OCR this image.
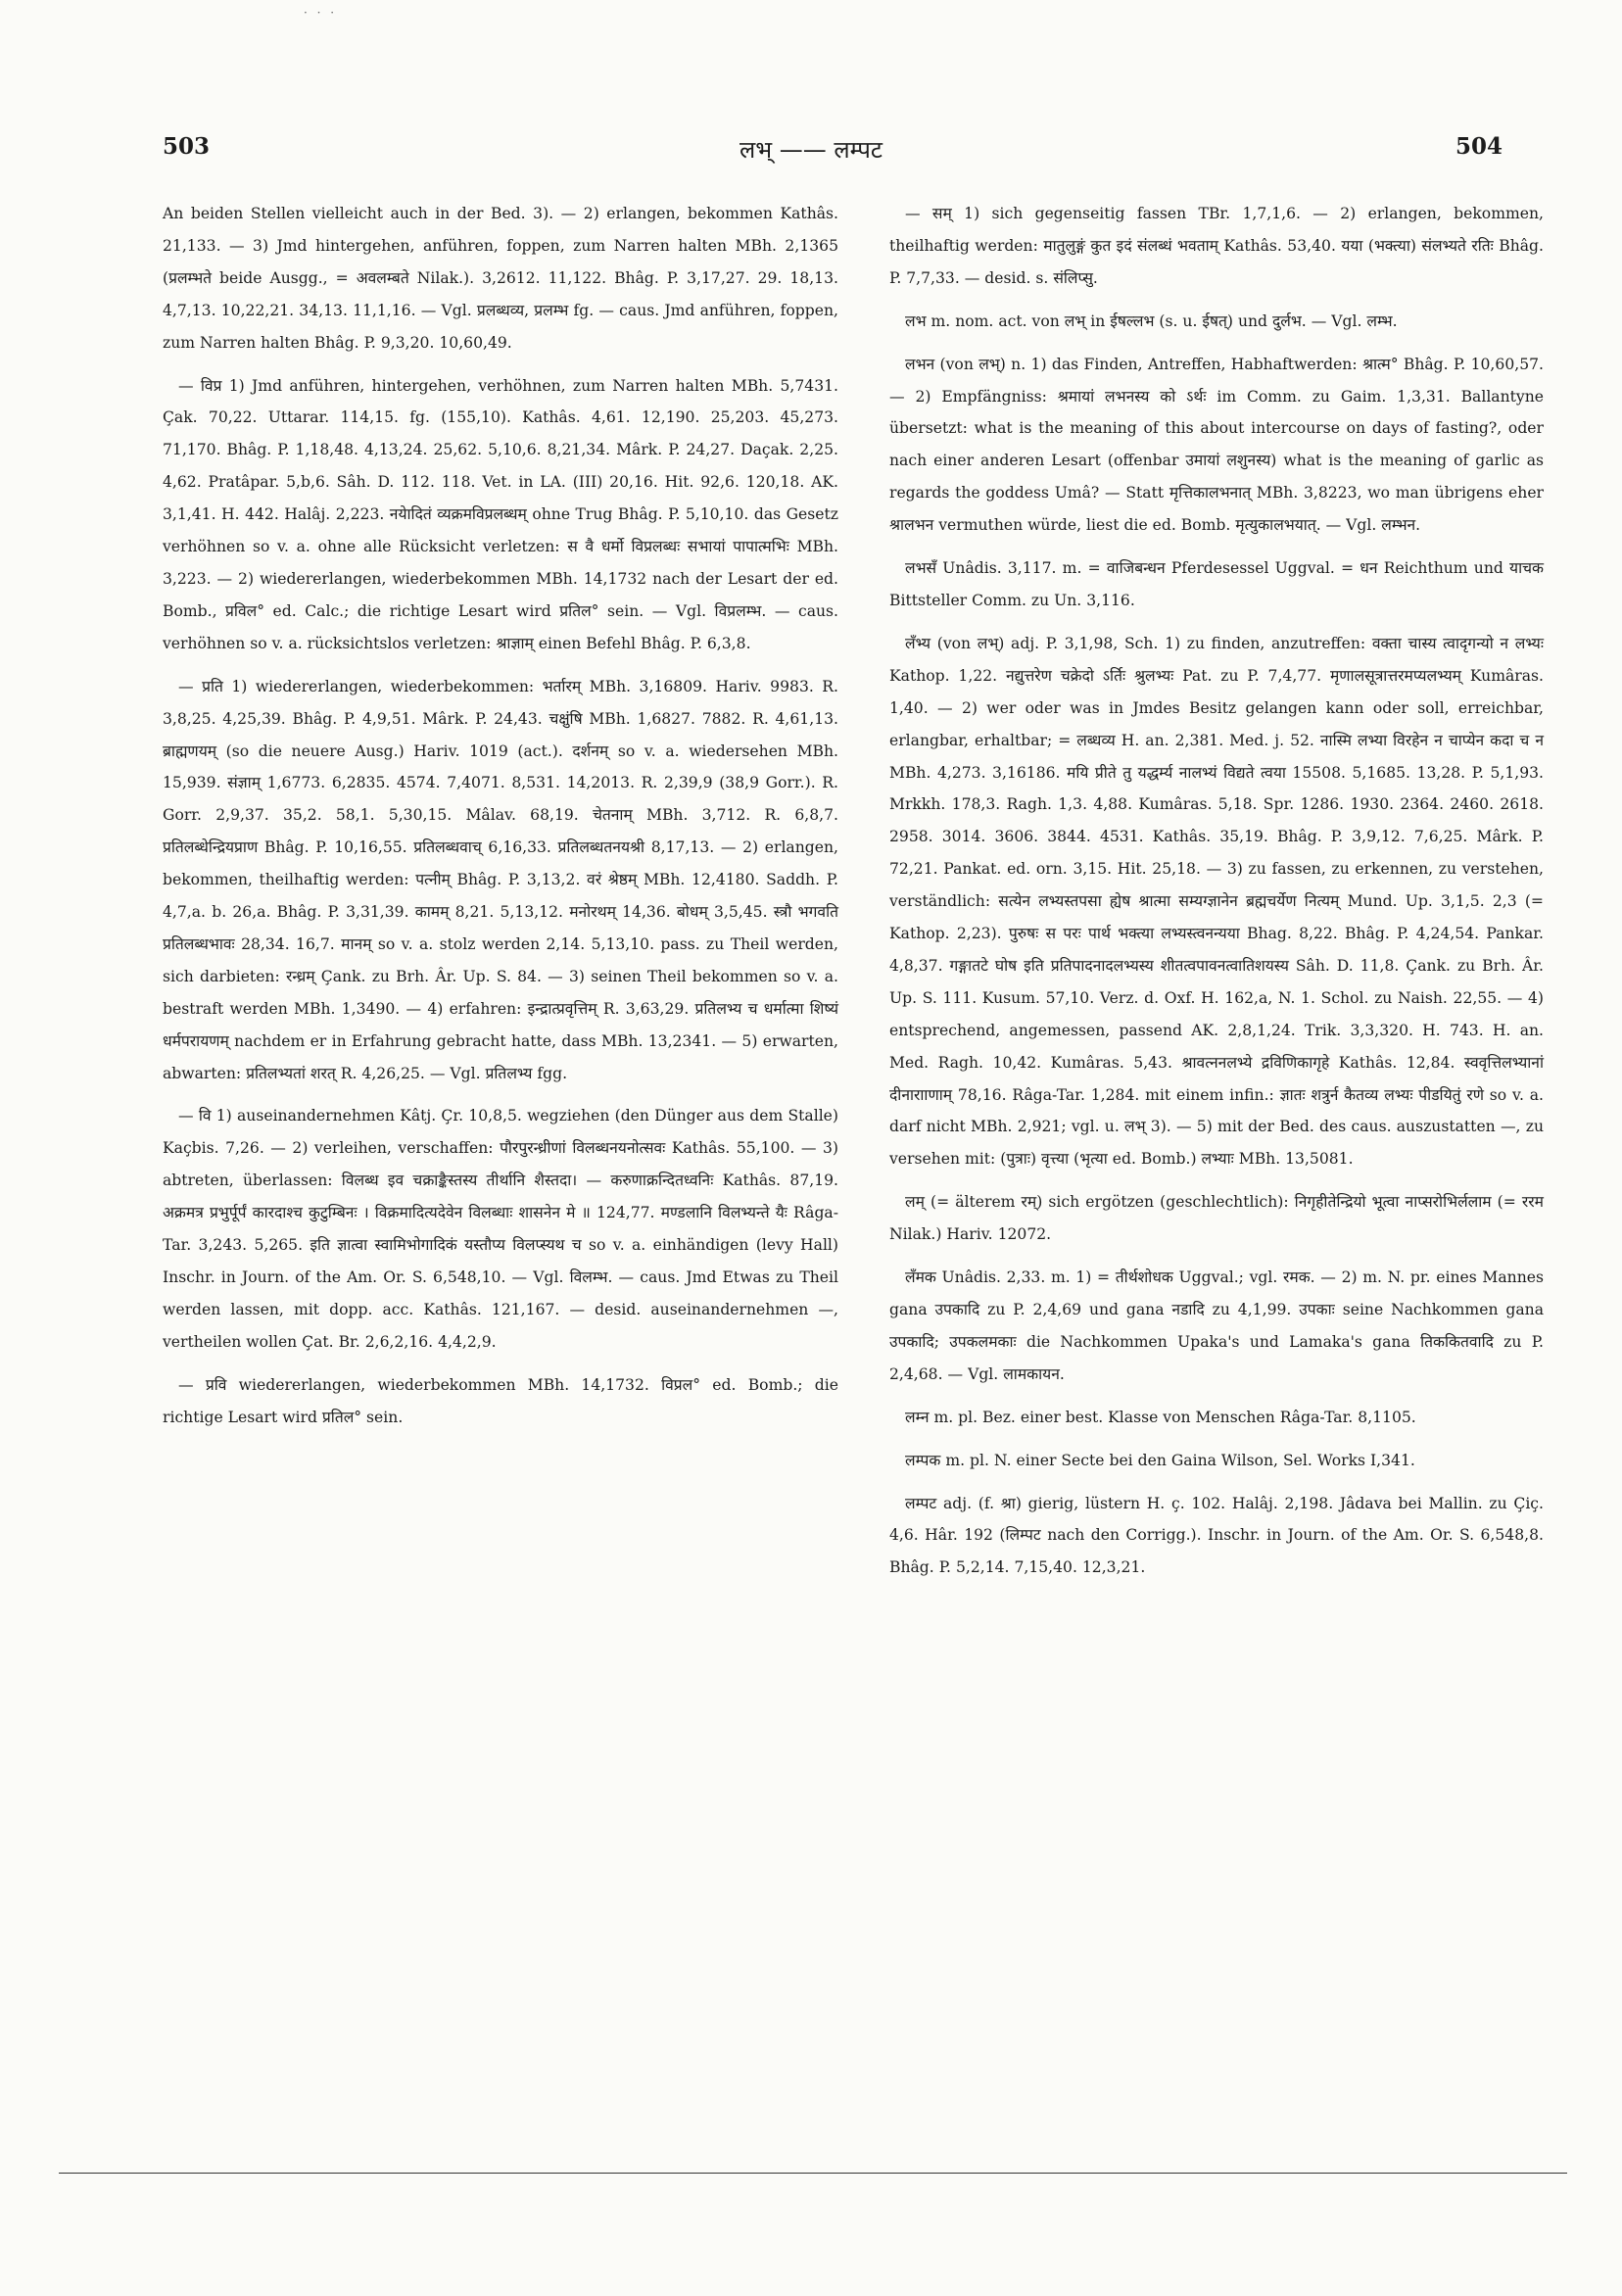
· · ·
503	लभ् —— लम्पट	504

An beiden Stellen vielleicht auch in der Bed. 3). — 2) erlangen, bekommen Kathâs. 21,133. — 3) Jmd hintergehen, anführen, foppen, zum Narren halten MBh. 2,1365 (प्रलम्भते beide Ausgg., = अवलम्बते Nilak.). 3,2612. 11,122. Bhâg. P. 3,17,27. 29. 18,13. 4,7,13. 10,22,21. 34,13. 11,1,16. — Vgl. प्रलब्धव्य, प्रलम्भ fg. — caus. Jmd anführen, foppen, zum Narren halten Bhâg. P. 9,3,20. 10,60,49.

— विप्र 1) Jmd anführen, hintergehen, verhöhnen, zum Narren halten MBh. 5,7431. Çak. 70,22. Uttarar. 114,15. fg. (155,10). Kathâs. 4,61. 12,190. 25,203. 45,273. 71,170. Bhâg. P. 1,18,48. 4,13,24. 25,62. 5,10,6. 8,21,34. Mârk. P. 24,27. Daçak. 2,25. 4,62. Pratâpar. 5,b,6. Sâh. D. 112. 118. Vet. in LA. (III) 20,16. Hit. 92,6. 120,18. AK. 3,1,41. H. 442. Halâj. 2,223. नयेादितं व्यक्रमविप्रलब्धम् ohne Trug Bhâg. P. 5,10,10. das Gesetz verhöhnen so v. a. ohne alle Rücksicht verletzen: स वै धर्मो विप्रलब्धः सभायां पापात्मभिः MBh. 3,223. — 2) wiedererlangen, wiederbekommen MBh. 14,1732 nach der Lesart der ed. Bomb., प्रविल° ed. Calc.; die richtige Lesart wird प्रतिल° sein. — Vgl. विप्रलम्भ. — caus. verhöhnen so v. a. rücksichtslos verletzen: श्राज्ञाम् einen Befehl Bhâg. P. 6,3,8.

— प्रति 1) wiedererlangen, wiederbekommen: भर्तारम् MBh. 3,16809. Hariv. 9983. R. 3,8,25. 4,25,39. Bhâg. P. 4,9,51. Mârk. P. 24,43. चक्षुंषि MBh. 1,6827. 7882. R. 4,61,13. ब्राह्मणयम् (so die neuere Ausg.) Hariv. 1019 (act.). दर्शनम् so v. a. wiedersehen MBh. 15,939. संज्ञाम् 1,6773. 6,2835. 4574. 7,4071. 8,531. 14,2013. R. 2,39,9 (38,9 Gorr.). R. Gorr. 2,9,37. 35,2. 58,1. 5,30,15. Mâlav. 68,19. चेतनाम् MBh. 3,712. R. 6,8,7. प्रतिलब्धेन्द्रियप्राण Bhâg. P. 10,16,55. प्रतिलब्धवाच् 6,16,33. प्रतिलब्धतनयश्री 8,17,13. — 2) erlangen, bekommen, theilhaftig werden: पत्नीम् Bhâg. P. 3,13,2. वरं श्रेष्ठम् MBh. 12,4180. Saddh. P. 4,7,a. b. 26,a. Bhâg. P. 3,31,39. कामम् 8,21. 5,13,12. मनोरथम् 14,36. बोधम् 3,5,45. स्त्रौ भगवति प्रतिलब्धभावः 28,34. 16,7. मानम् so v. a. stolz werden 2,14. 5,13,10. pass. zu Theil werden, sich darbieten: रन्ध्रम् Çank. zu Brh. Âr. Up. S. 84. — 3) seinen Theil bekommen so v. a. bestraft werden MBh. 1,3490. — 4) erfahren: इन्द्रात्प्रवृत्तिम् R. 3,63,29. प्रतिलभ्य च धर्मात्मा शिष्यं धर्मपरायणम् nachdem er in Erfahrung gebracht hatte, dass MBh. 13,2341. — 5) erwarten, abwarten: प्रतिलभ्यतां शरत् R. 4,26,25. — Vgl. प्रतिलभ्य fgg.

— वि 1) auseinandernehmen Kâtj. Çr. 10,8,5. wegziehen (den Dünger aus dem Stalle) Kaçbis. 7,26. — 2) verleihen, verschaffen: पौरपुरन्ध्रीणां विलब्धनयनोत्सवः Kathâs. 55,100. — 3) abtreten, überlassen: विलब्ध इव चक्राङ्कैस्तस्य तीर्थानि शैस्तदा। — करुणाक्रन्दितध्वनिः Kathâs. 87,19. अक्रमत्र प्रभुर्पूर्पं कारदाश्च कुटुम्बिनः । विक्रमादित्यदेवेन विलब्धाः शासनेन मे ॥ 124,77. मण्डलानि विलभ्यन्ते यैः Râga-Tar. 3,243. 5,265. इति ज्ञात्वा स्वामिभोगादिकं यस्तौप्य विलप्स्यथ च so v. a. einhändigen (levy Hall) Inschr. in Journ. of the Am. Or. S. 6,548,10. — Vgl. विलम्भ. — caus. Jmd Etwas zu Theil werden lassen, mit dopp. acc. Kathâs. 121,167. — desid. auseinandernehmen —, vertheilen wollen Çat. Br. 2,6,2,16. 4,4,2,9.

— प्रवि wiedererlangen, wiederbekommen MBh. 14,1732. विप्रल° ed. Bomb.; die richtige Lesart wird प्रतिल° sein.

— सम् 1) sich gegenseitig fassen TBr. 1,7,1,6. — 2) erlangen, bekommen, theilhaftig werden: मातुलुङ्गं कुत इदं संलब्धं भवताम् Kathâs. 53,40. यया (भक्त्या) संलभ्यते रतिः Bhâg. P. 7,7,33. — desid. s. संलिप्सु.

लभ m. nom. act. von लभ् in ईषल्लभ (s. u. ईषत्) und दुर्लभ. — Vgl. लम्भ.

लभन (von लभ्) n. 1) das Finden, Antreffen, Habhaftwerden: श्रात्म° Bhâg. P. 10,60,57. — 2) Empfängniss: श्रमायां लभनस्य को ऽर्थः im Comm. zu Gaim. 1,3,31. Ballantyne übersetzt: what is the meaning of this about intercourse on days of fasting?, oder nach einer anderen Lesart (offenbar उमायां लशुनस्य) what is the meaning of garlic as regards the goddess Umâ? — Statt मृत्तिकालभनात् MBh. 3,8223, wo man übrigens eher श्रालभन vermuthen würde, liest die ed. Bomb. मृत्युकालभयात्. — Vgl. लम्भन.

लभसँ Unâdis. 3,117. m. = वाजिबन्धन Pferdesessel Uggval. = धन Reichthum und याचक Bittsteller Comm. zu Un. 3,116.

लँभ्य (von लभ्) adj. P. 3,1,98, Sch. 1) zu finden, anzutreffen: वक्ता चास्य त्वादृगन्यो न लभ्यः Kathop. 1,22. नद्युत्तरेण चक्रेदो ऽर्तिः श्रुलभ्यः Pat. zu P. 7,4,77. मृणालसूत्रात्तरमप्यलभ्यम् Kumâras. 1,40. — 2) wer oder was in Jmdes Besitz gelangen kann oder soll, erreichbar, erlangbar, erhaltbar; = लब्धव्य H. an. 2,381. Med. j. 52. नास्मि लभ्या विरहेन न चाप्येन कदा च न MBh. 4,273. 3,16186. मयि प्रीते तु यद्धर्म्य नालभ्यं विद्यते त्वया 15508. 5,1685. 13,28. P. 5,1,93. Mrkkh. 178,3. Ragh. 1,3. 4,88. Kumâras. 5,18. Spr. 1286. 1930. 2364. 2460. 2618. 2958. 3014. 3606. 3844. 4531. Kathâs. 35,19. Bhâg. P. 3,9,12. 7,6,25. Mârk. P. 72,21. Pankat. ed. orn. 3,15. Hit. 25,18. — 3) zu fassen, zu erkennen, zu verstehen, verständlich: सत्येन लभ्यस्तपसा ह्येष श्रात्मा सम्यग्ज्ञानेन ब्रह्मचर्येण नित्यम् Mund. Up. 3,1,5. 2,3 (= Kathop. 2,23). पुरुषः स परः पार्थ भक्त्या लभ्यस्त्वनन्यया Bhag. 8,22. Bhâg. P. 4,24,54. Pankar. 4,8,37. गङ्गातटे घोष इति प्रतिपादनादलभ्यस्य शीतत्वपावनत्वातिशयस्य Sâh. D. 11,8. Çank. zu Brh. Âr. Up. S. 111. Kusum. 57,10. Verz. d. Oxf. H. 162,a, N. 1. Schol. zu Naish. 22,55. — 4) entsprechend, angemessen, passend AK. 2,8,1,24. Trik. 3,3,320. H. 743. H. an. Med. Ragh. 10,42. Kumâras. 5,43. श्रावत्ननलभ्ये द्रविणिकागृहे Kathâs. 12,84. स्ववृत्तिलभ्यानां दीनारााणाम् 78,16. Râga-Tar. 1,284. mit einem infin.: ज्ञातः शत्रुर्न कैतव्य लभ्यः पीडयितुं रणे so v. a. darf nicht MBh. 2,921; vgl. u. लभ् 3). — 5) mit der Bed. des caus. auszustatten —, zu versehen mit: (पुत्राः) वृत्त्या (भृत्या ed. Bomb.) लभ्याः MBh. 13,5081.

लम् (= älterem रम्) sich ergötzen (geschlechtlich): निगृहीतेन्द्रियो भूत्वा नाप्सरोभिर्ललाम (= ररम Nilak.) Hariv. 12072.

लँमक Unâdis. 2,33. m. 1) = तीर्थशोधक Uggval.; vgl. रमक. — 2) m. N. pr. eines Mannes gana उपकादि zu P. 2,4,69 und gana नडादि zu 4,1,99. उपकाः seine Nachkommen gana उपकादि; उपकलमकाः die Nachkommen Upaka's und Lamaka's gana तिककितवादि zu P. 2,4,68. — Vgl. लामकायन.

लम्न m. pl. Bez. einer best. Klasse von Menschen Râga-Tar. 8,1105.

लम्पक m. pl. N. einer Secte bei den Gaina Wilson, Sel. Works I,341.

लम्पट adj. (f. श्रा) gierig, lüstern H. ç. 102. Halâj. 2,198. Jâdava bei Mallin. zu Çiç. 4,6. Hâr. 192 (लिम्पट nach den Corrigg.). Inschr. in Journ. of the Am. Or. S. 6,548,8. Bhâg. P. 5,2,14. 7,15,40. 12,3,21.
